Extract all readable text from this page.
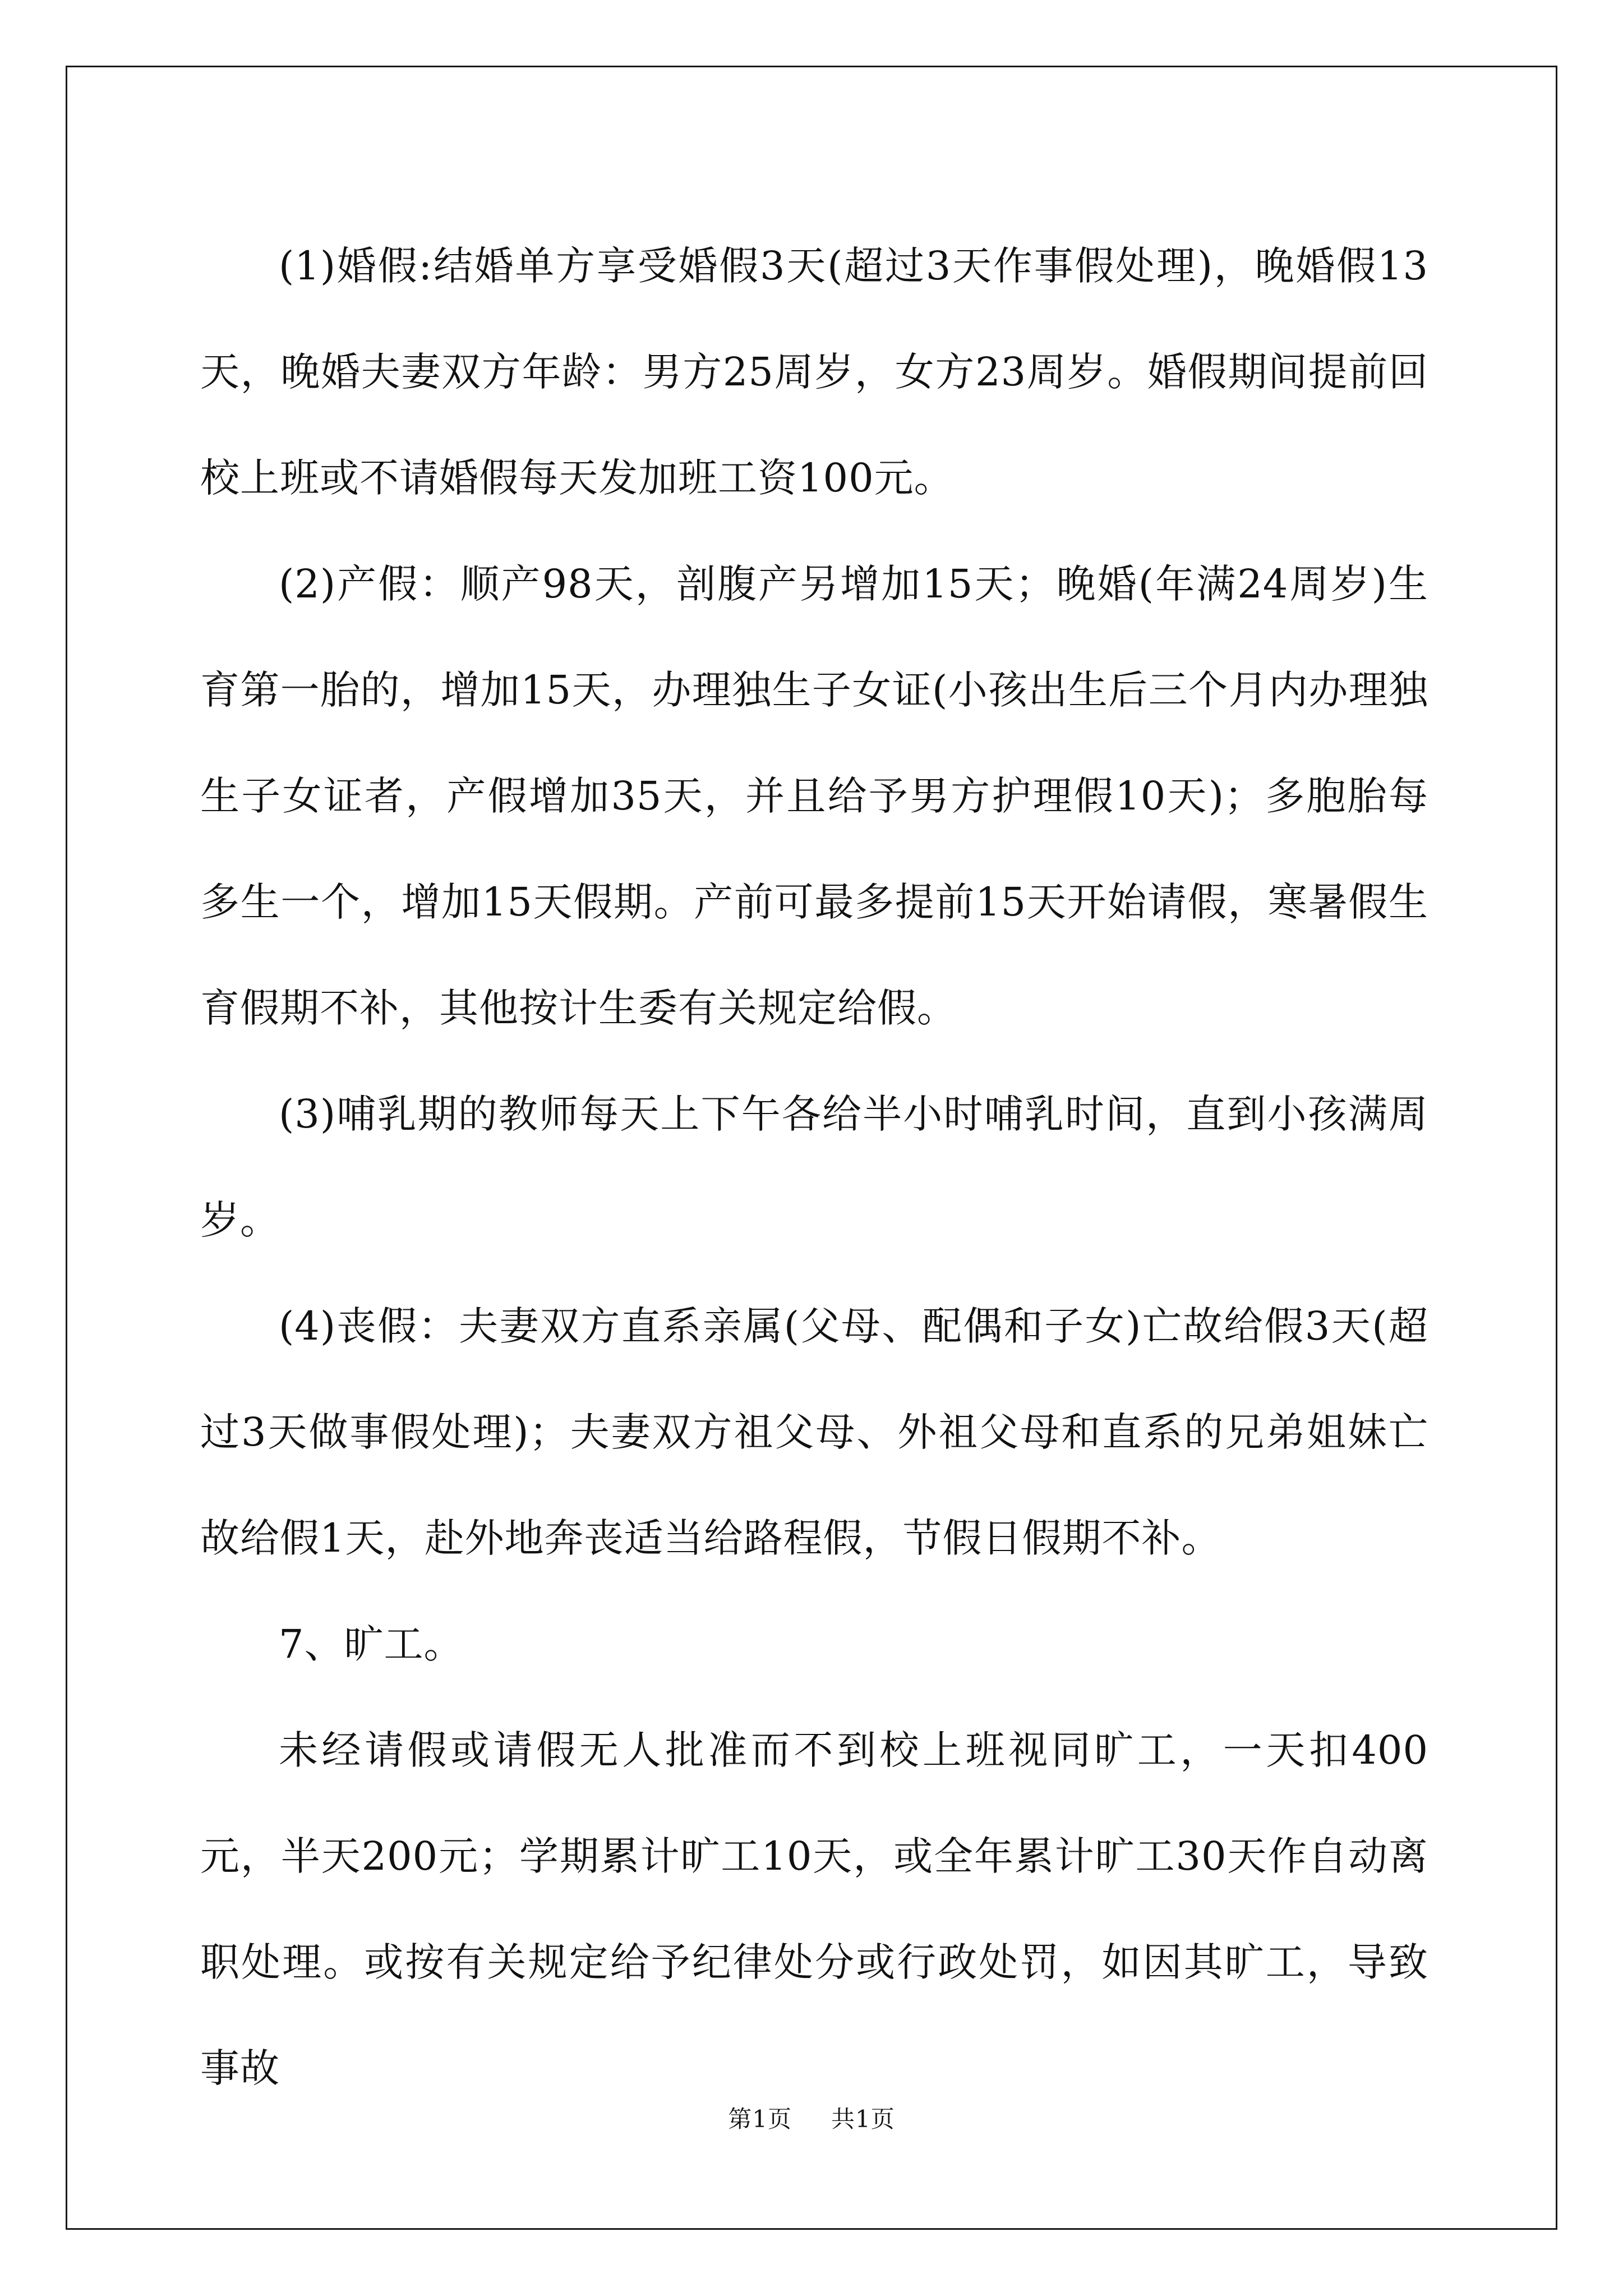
(1)婚假:结婚单方享受婚假3天(超过3天作事假处理)，晚婚假13天，晚婚夫妻双方年龄：男方25周岁，女方23周岁。婚假期间提前回校上班或不请婚假每天发加班工资100元。

(2)产假：顺产98天，剖腹产另增加15天；晚婚(年满24周岁)生育第一胎的，增加15天，办理独生子女证(小孩出生后三个月内办理独生子女证者，产假增加35天，并且给予男方护理假10天)；多胞胎每多生一个，增加15天假期。产前可最多提前15天开始请假，寒暑假生育假期不补，其他按计生委有关规定给假。

(3)哺乳期的教师每天上下午各给半小时哺乳时间，直到小孩满周岁。

(4)丧假：夫妻双方直系亲属(父母、配偶和子女)亡故给假3天(超过3天做事假处理)；夫妻双方祖父母、外祖父母和直系的兄弟姐妹亡故给假1天，赴外地奔丧适当给路程假，节假日假期不补。

7、旷工。

未经请假或请假无人批准而不到校上班视同旷工，一天扣400元，半天200元；学期累计旷工10天，或全年累计旷工30天作自动离职处理。或按有关规定给予纪律处分或行政处罚，如因其旷工，导致事故

第1页 共1页
